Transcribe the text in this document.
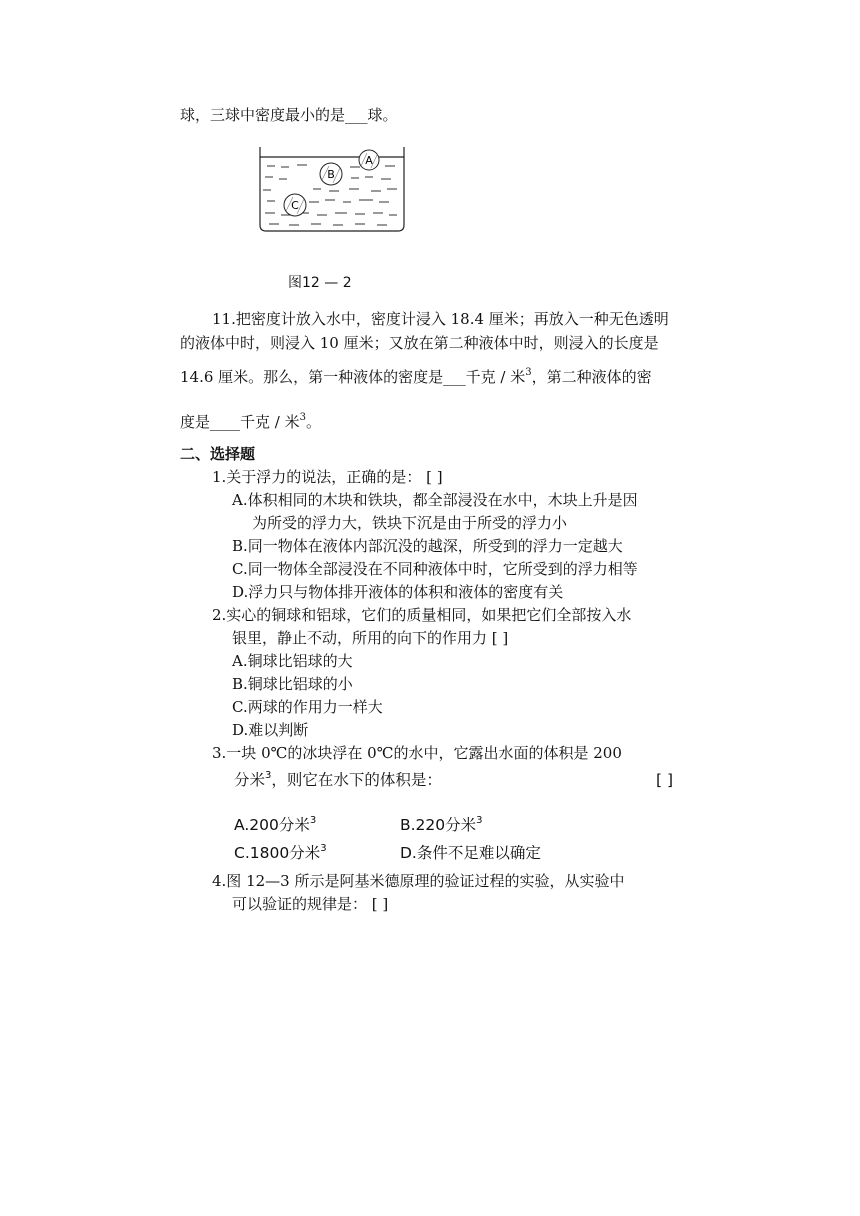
球，三球中密度最小的是___球。
A
B
C
图12 — 2
11.把密度计放入水中，密度计浸入 18.4 厘米；再放入一种无色透明
的液体中时，则浸入 10 厘米；又放在第二种液体中时，则浸入的长度是
14.6 厘米。那么，第一种液体的密度是___千克 / 米$^3$，第二种液体的密
度是____千克 / 米$^3$。
二、选择题
1.关于浮力的说法，正确的是： [ ]
A.体积相同的木块和铁块，都全部浸没在水中，木块上升是因
为所受的浮力大，铁块下沉是由于所受的浮力小
B.同一物体在液体内部沉没的越深，所受到的浮力一定越大
C.同一物体全部浸没在不同种液体中时，它所受到的浮力相等
D.浮力只与物体排开液体的体积和液体的密度有关
2.实心的铜球和铝球，它们的质量相同，如果把它们全部按入水
银里，静止不动，所用的向下的作用力 [ ]
A.铜球比铝球的大
B.铜球比铝球的小
C.两球的作用力一样大
D.难以判断
3.一块 0℃的冰块浮在 0℃的水中，它露出水面的体积是 200
分米$^3$，则它在水下的体积是：	[ ]
A.200分米$^3$	B.220分米$^3$
C.1800分米$^3$	D.条件不足难以确定
4.图 12—3 所示是阿基米德原理的验证过程的实验，从实验中
可以验证的规律是： [ ]
